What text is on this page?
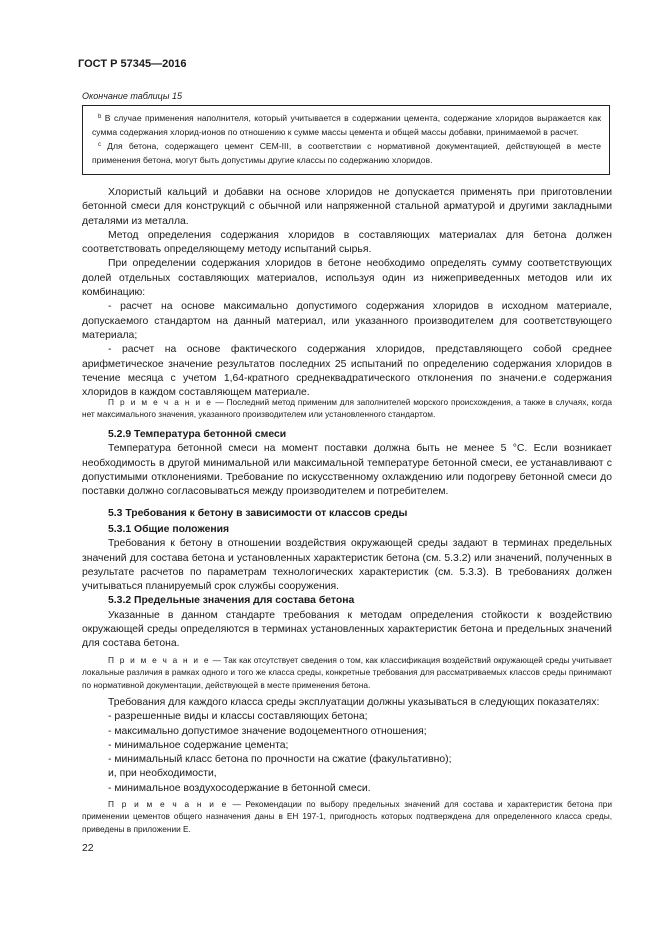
ГОСТ Р 57345—2016
Окончание таблицы 15

$^b$ В случае применения наполнителя, который учитывается в содержании цемента, содержание хлоридов выражается как сумма содержания хлорид-ионов по отношению к сумме массы цемента и общей массы добавки, принимаемой в расчет.

$^c$ Для бетона, содержащего цемент CEM-III, в соответствии с нормативной документацией, действующей в месте применения бетона, могут быть допустимы другие классы по содержанию хлоридов.

Хлористый кальций и добавки на основе хлоридов не допускается применять при приготовлении бетонной смеси для конструкций с обычной или напряженной стальной арматурой и другими закладными деталями из металла.

Метод определения содержания хлоридов в составляющих материалах для бетона должен соответствовать определяющему методу испытаний сырья.

При определении содержания хлоридов в бетоне необходимо определять сумму соответствующих долей отдельных составляющих материалов, используя один из нижеприведенных методов или их комбинацию:

- расчет на основе максимально допустимого содержания хлоридов в исходном материале, допускаемого стандартом на данный материал, или указанного производителем для соответствующего материала;

- расчет на основе фактического содержания хлоридов, представляющего собой среднее арифметическое значение результатов последних 25 испытаний по определению содержания хлоридов в течение месяца с учетом 1,64-кратного среднеквадратического отклонения по значени.е содержания хлоридов в каждом составляющем материале.

П р и м е ч а н и е — Последний метод применим для заполнителей морского происхождения, а также в случаях, когда нет максимального значения, указанного производителем или установленного стандартом.

5.2.9 Температура бетонной смеси

Температура бетонной смеси на момент поставки должна быть не менее 5 °C. Если возникает необходимость в другой минимальной или максимальной температуре бетонной смеси, ее устанавливают с допустимыми отклонениями. Требование по искусственному охлаждению или подогреву бетонной смеси до поставки должно согласовываться между производителем и потребителем.

5.3 Требования к бетону в зависимости от классов среды

5.3.1 Общие положения

Требования к бетону в отношении воздействия окружающей среды задают в терминах предельных значений для состава бетона и установленных характеристик бетона (см. 5.3.2) или значений, полученных в результате расчетов по параметрам технологических характеристик (см. 5.3.3). В требованиях должен учитываться планируемый срок службы сооружения.

5.3.2 Предельные значения для состава бетона

Указанные в данном стандарте требования к методам определения стойкости к воздействию окружающей среды определяются в терминах установленных характеристик бетона и предельных значений для состава бетона.

П р и м е ч а н и е — Так как отсутствует сведения о том, как классификация воздействий окружающей среды учитывает локальные различия в рамках одного и того же класса среды, конкретные требования для рассматриваемых классов среды принимают по нормативной документации, действующей в месте применения бетона.

Требования для каждого класса среды эксплуатации должны указываться в следующих показателях:

- разрешенные виды и классы составляющих бетона;

- максимально допустимое значение водоцементного отношения;

- минимальное содержание цемента;

- минимальный класс бетона по прочности на сжатие (факультативно);

и, при необходимости,

- минимальное воздухосодержание в бетонной смеси.

П р и м е ч а н и е — Рекомендации по выбору предельных значений для состава и характеристик бетона при применении цементов общего назначения даны в ЕН 197-1, пригодность которых подтверждена для определенного класса среды, приведены в приложении Е.

22
